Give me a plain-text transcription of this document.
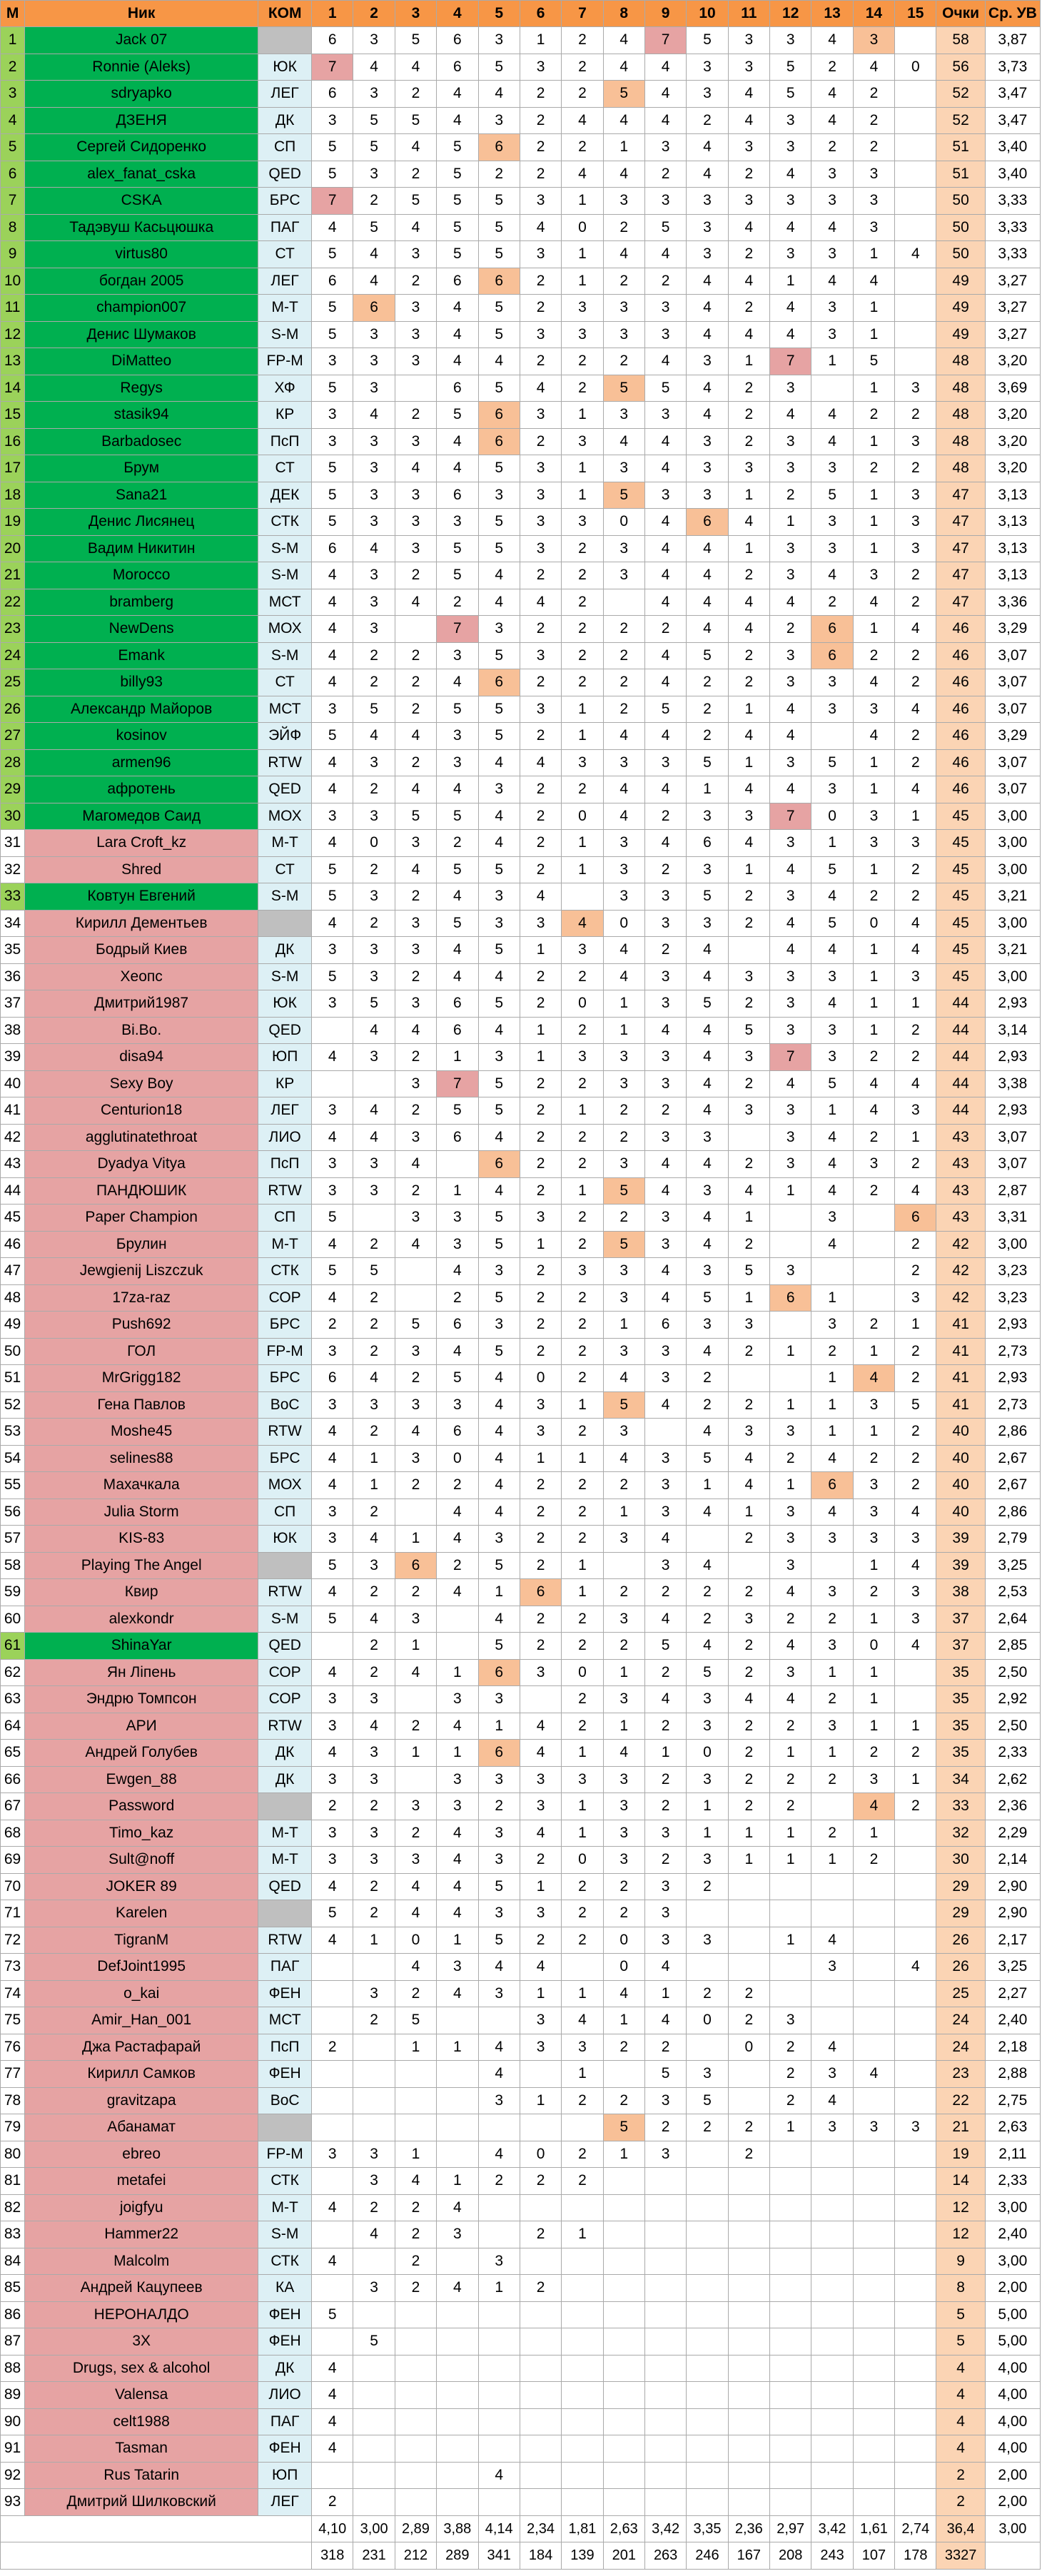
М	Ник	КОМ	1	2	3	4	5	6	7	8	9	10	11	12	13	14	15	Очки	Ср. УВ
1	Jack 07		6	3	5	6	3	1	2	4	7	5	3	3	4	3		58	3,87
2	Ronnie (Aleks)	ЮК	7	4	4	6	5	3	2	4	4	3	3	5	2	4	0	56	3,73
3	sdryapko	ЛЕГ	6	3	2	4	4	2	2	5	4	3	4	5	4	2		52	3,47
4	ДЗЕНЯ	ДК	3	5	5	4	3	2	4	4	4	2	4	3	4	2		52	3,47
5	Сергей Сидоренко	СП	5	5	4	5	6	2	2	1	3	4	3	3	2	2		51	3,40
6	alex_fanat_cska	QED	5	3	2	5	2	2	4	4	2	4	2	4	3	3		51	3,40
7	CSKA	БРС	7	2	5	5	5	3	1	3	3	3	3	3	3	3		50	3,33
8	Тадэвуш Касьцюшка	ПАГ	4	5	4	5	5	4	0	2	5	3	4	4	4	3		50	3,33
9	virtus80	СТ	5	4	3	5	5	3	1	4	4	3	2	3	3	1	4	50	3,33
10	богдан 2005	ЛЕГ	6	4	2	6	6	2	1	2	2	4	4	1	4	4		49	3,27
11	champion007	М-Т	5	6	3	4	5	2	3	3	3	4	2	4	3	1		49	3,27
12	Денис Шумаков	S-M	5	3	3	4	5	3	3	3	3	4	4	4	3	1		49	3,27
13	DiMatteo	FP-M	3	3	3	4	4	2	2	2	4	3	1	7	1	5		48	3,20
14	Regys	ХФ	5	3		6	5	4	2	5	5	4	2	3		1	3	48	3,69
15	stasik94	КР	3	4	2	5	6	3	1	3	3	4	2	4	4	2	2	48	3,20
16	Barbadosec	ПсП	3	3	3	4	6	2	3	4	4	3	2	3	4	1	3	48	3,20
17	Брум	СТ	5	3	4	4	5	3	1	3	4	3	3	3	3	2	2	48	3,20
18	Sana21	ДЕК	5	3	3	6	3	3	1	5	3	3	1	2	5	1	3	47	3,13
19	Денис Лисянец	СТК	5	3	3	3	5	3	3	0	4	6	4	1	3	1	3	47	3,13
20	Вадим Никитин	S-M	6	4	3	5	5	3	2	3	4	4	1	3	3	1	3	47	3,13
21	Morocco	S-M	4	3	2	5	4	2	2	3	4	4	2	3	4	3	2	47	3,13
22	bramberg	МСТ	4	3	4	2	4	4	2		4	4	4	4	2	4	2	47	3,36
23	NewDens	МОХ	4	3		7	3	2	2	2	2	4	4	2	6	1	4	46	3,29
24	Emank	S-M	4	2	2	3	5	3	2	2	4	5	2	3	6	2	2	46	3,07
25	billy93	СТ	4	2	2	4	6	2	2	2	4	2	2	3	3	4	2	46	3,07
26	Александр Майоров	МСТ	3	5	2	5	5	3	1	2	5	2	1	4	3	3	4	46	3,07
27	kosinov	ЭЙФ	5	4	4	3	5	2	1	4	4	2	4	4		4	2	46	3,29
28	armen96	RTW	4	3	2	3	4	4	3	3	3	5	1	3	5	1	2	46	3,07
29	афротень	QED	4	2	4	4	3	2	2	4	4	1	4	4	3	1	4	46	3,07
30	Магомедов Саид	МОХ	3	3	5	5	4	2	0	4	2	3	3	7	0	3	1	45	3,00
31	Lara Croft_kz	М-Т	4	0	3	2	4	2	1	3	4	6	4	3	1	3	3	45	3,00
32	Shred	СТ	5	2	4	5	5	2	1	3	2	3	1	4	5	1	2	45	3,00
33	Ковтун Евгений	S-M	5	3	2	4	3	4		3	3	5	2	3	4	2	2	45	3,21
34	Кирилл Дементьев		4	2	3	5	3	3	4	0	3	3	2	4	5	0	4	45	3,00
35	Бодрый Киев	ДК	3	3	3	4	5	1	3	4	2	4		4	4	1	4	45	3,21
36	Хеопс	S-M	5	3	2	4	4	2	2	4	3	4	3	3	3	1	3	45	3,00
37	Дмитрий1987	ЮК	3	5	3	6	5	2	0	1	3	5	2	3	4	1	1	44	2,93
38	Bi.Bo.	QED		4	4	6	4	1	2	1	4	4	5	3	3	1	2	44	3,14
39	disa94	ЮП	4	3	2	1	3	1	3	3	3	4	3	7	3	2	2	44	2,93
40	Sexy Boy	КР			3	7	5	2	2	3	3	4	2	4	5	4	4	44	3,38
41	Centurion18	ЛЕГ	3	4	2	5	5	2	1	2	2	4	3	3	1	4	3	44	2,93
42	agglutinatethroat	ЛИО	4	4	3	6	4	2	2	2	3	3		3	4	2	1	43	3,07
43	Dyadya Vitya	ПсП	3	3	4		6	2	2	3	4	4	2	3	4	3	2	43	3,07
44	ПАНДЮШИК	RTW	3	3	2	1	4	2	1	5	4	3	4	1	4	2	4	43	2,87
45	Paper Champion	СП	5		3	3	5	3	2	2	3	4	1		3		6	43	3,31
46	Брулин	М-Т	4	2	4	3	5	1	2	5	3	4	2		4		2	42	3,00
47	Jewgienij Liszczuk	СТК	5	5		4	3	2	3	3	4	3	5	3			2	42	3,23
48	17za-raz	СОР	4	2		2	5	2	2	3	4	5	1	6	1		3	42	3,23
49	Push692	БРС	2	2	5	6	3	2	2	1	6	3	3		3	2	1	41	2,93
50	ГОЛ	FP-M	3	2	3	4	5	2	2	3	3	4	2	1	2	1	2	41	2,73
51	MrGrigg182	БРС	6	4	2	5	4	0	2	4	3	2			1	4	2	41	2,93
52	Гена Павлов	ВоС	3	3	3	3	4	3	1	5	4	2	2	1	1	3	5	41	2,73
53	Moshe45	RTW	4	2	4	6	4	3	2	3		4	3	3	1	1	2	40	2,86
54	selines88	БРС	4	1	3	0	4	1	1	4	3	5	4	2	4	2	2	40	2,67
55	Махачкала	МОХ	4	1	2	2	4	2	2	2	3	1	4	1	6	3	2	40	2,67
56	Julia Storm	СП	3	2		4	4	2	2	1	3	4	1	3	4	3	4	40	2,86
57	KIS-83	ЮК	3	4	1	4	3	2	2	3	4		2	3	3	3	3	39	2,79
58	Playing The Angel		5	3	6	2	5	2	1		3	4		3		1	4	39	3,25
59	Квир	RTW	4	2	2	4	1	6	1	2	2	2	2	4	3	2	3	38	2,53
60	alexkondr	S-M	5	4	3		4	2	2	3	4	2	3	2	2	1	3	37	2,64
61	ShinaYar	QED		2	1		5	2	2	2	5	4	2	4	3	0	4	37	2,85
62	Ян Ліпень	СОР	4	2	4	1	6	3	0	1	2	5	2	3	1	1		35	2,50
63	Эндрю Томпсон	СОР	3	3		3	3		2	3	4	3	4	4	2	1		35	2,92
64	АРИ	RTW	3	4	2	4	1	4	2	1	2	3	2	2	3	1	1	35	2,50
65	Андрей Голубев	ДК	4	3	1	1	6	4	1	4	1	0	2	1	1	2	2	35	2,33
66	Ewgen_88	ДК	3	3		3	3	3	3	3	2	3	2	2	2	3	1	34	2,62
67	Password		2	2	3	3	2	3	1	3	2	1	2	2		4	2	33	2,36
68	Timo_kaz	М-Т	3	3	2	4	3	4	1	3	3	1	1	1	2	1		32	2,29
69	Sult@noff	М-Т	3	3	3	4	3	2	0	3	2	3	1	1	1	2		30	2,14
70	JOKER 89	QED	4	2	4	4	5	1	2	2	3	2						29	2,90
71	Karelen		5	2	4	4	3	3	2	2	3							29	2,90
72	TigranM	RTW	4	1	0	1	5	2	2	0	3	3		1	4			26	2,17
73	DefJoint1995	ПАГ			4	3	4	4		0	4				3		4	26	3,25
74	o_kai	ФЕН		3	2	4	3	1	1	4	1	2	2					25	2,27
75	Amir_Han_001	МСТ		2	5			3	4	1	4	0	2	3				24	2,40
76	Джа Растафарай	ПсП	2		1	1	4	3	3	2	2		0	2	4			24	2,18
77	Кирилл Самков	ФЕН					4		1		5	3		2	3	4		23	2,88
78	gravitzapa	ВоС					3	1	2	2	3	5		2	4			22	2,75
79	Абанамат									5	2	2	2	1	3	3	3	21	2,63
80	ebreo	FP-M	3	3	1		4	0	2	1	3		2					19	2,11
81	metafei	СТК		3	4	1	2	2	2									14	2,33
82	joigfyu	М-Т	4	2	2	4												12	3,00
83	Hammer22	S-M		4	2	3		2	1									12	2,40
84	Malcolm	СТК	4		2		3											9	3,00
85	Андрей Кацупеев	КА		3	2	4	1	2										8	2,00
86	НЕРОНАЛДО	ФЕН	5															5	5,00
87	3X	ФЕН		5														5	5,00
88	Drugs, sex & alcohol	ДК	4															4	4,00
89	Valensa	ЛИО	4															4	4,00
90	celt1988	ПАГ	4															4	4,00
91	Tasman	ФЕН	4															4	4,00
92	Rus Tatarin	ЮП					4											2	2,00
93	Дмитрий Шилковский	ЛЕГ	2															2	2,00
			4,10	3,00	2,89	3,88	4,14	2,34	1,81	2,63	3,42	3,35	2,36	2,97	3,42	1,61	2,74	36,4	3,00
			318	231	212	289	341	184	139	201	263	246	167	208	243	107	178	3327	
